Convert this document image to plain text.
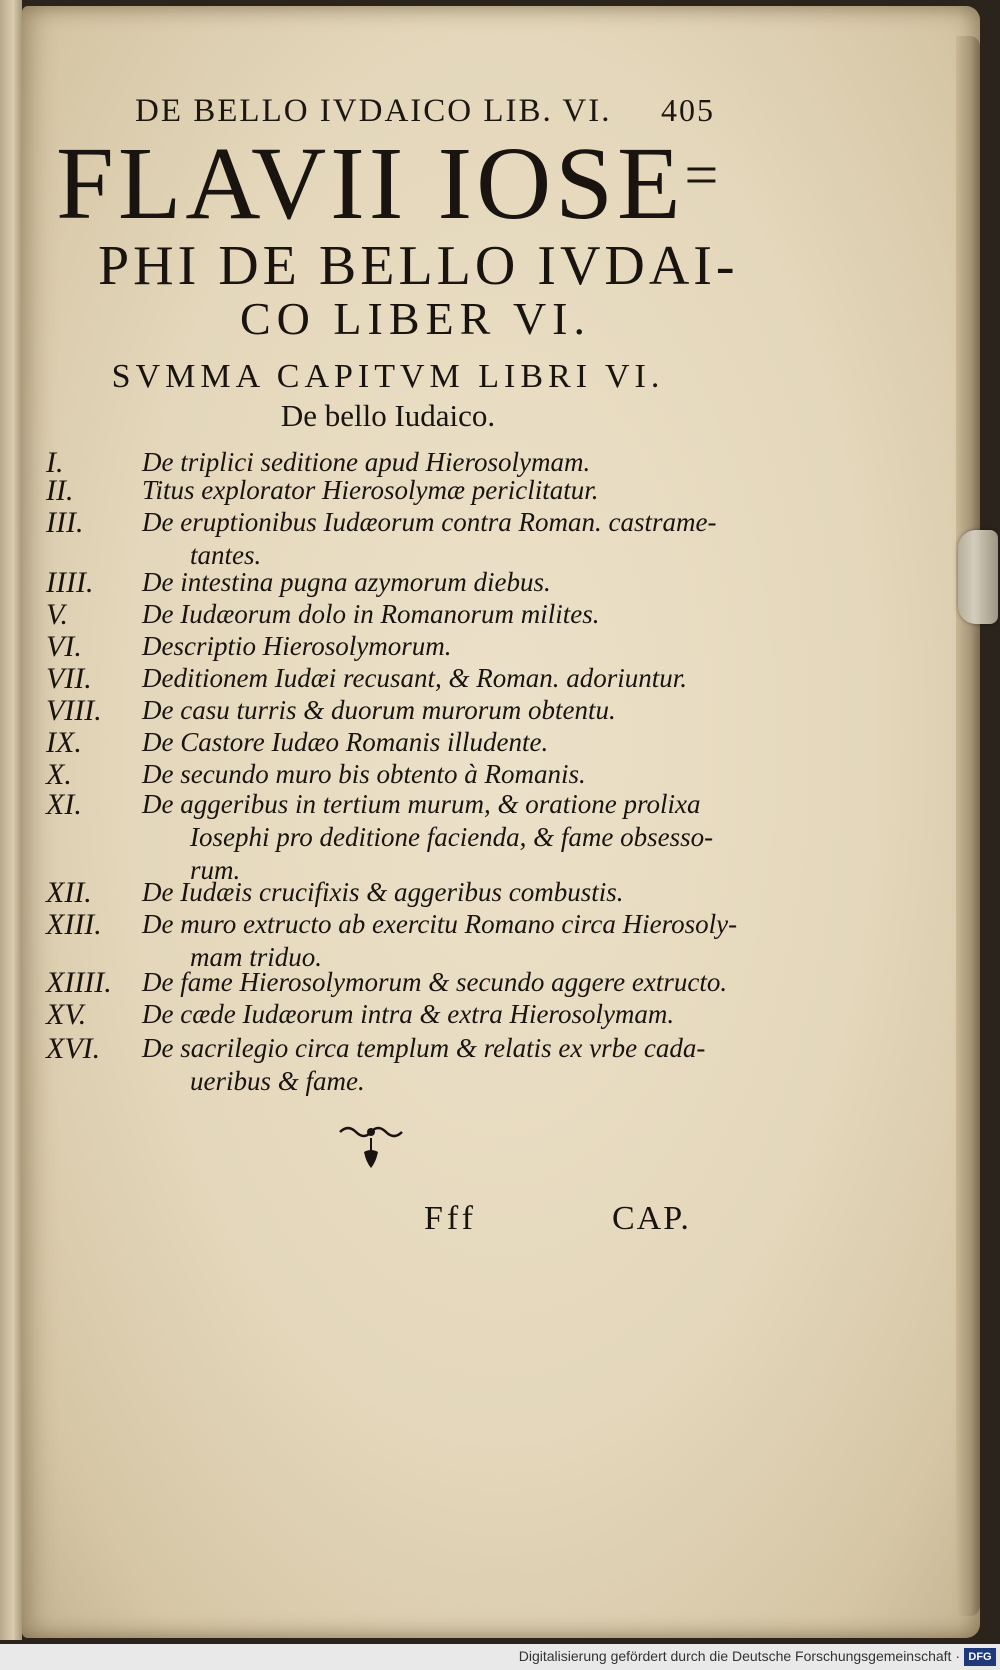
DE BELLO IVDAICO LIB. VI. 405
FLAVII IOSE=
PHI DE BELLO IVDAI-
CO LIBER VI.
SVMMA CAPITVM LIBRI VI.
De bello Iudaico.
I.	De triplici seditione apud Hierosolymam.
II.	Titus explorator Hierosolymæ periclitatur.
III.	De eruptionibus Iudæorum contra Roman. castrame-
tantes.
IIII.	De intestina pugna azymorum diebus.
V.	De Iudæorum dolo in Romanorum milites.
VI.	Descriptio Hierosolymorum.
VII.	Deditionem Iudæi recusant, & Roman. adoriuntur.
VIII.	De casu turris & duorum murorum obtentu.
IX.	De Castore Iudæo Romanis illudente.
X.	De secundo muro bis obtento à Romanis.
XI.	De aggeribus in tertium murum, & oratione prolixa
Iosephi pro deditione facienda, & fame obsesso-
rum.
XII.	De Iudæis crucifixis & aggeribus combustis.
XIII.	De muro extructo ab exercitu Romano circa Hierosoly-
mam triduo.
XIIII.	De fame Hierosolymorum & secundo aggere extructo.
XV.	De cæde Iudæorum intra & extra Hierosolymam.
XVI.	De sacrilegio circa templum & relatis ex vrbe cada-
ueribus & fame.
Fff	CAP.
Digitalisierung gefördert durch die Deutsche Forschungsgemeinschaft · DFG
